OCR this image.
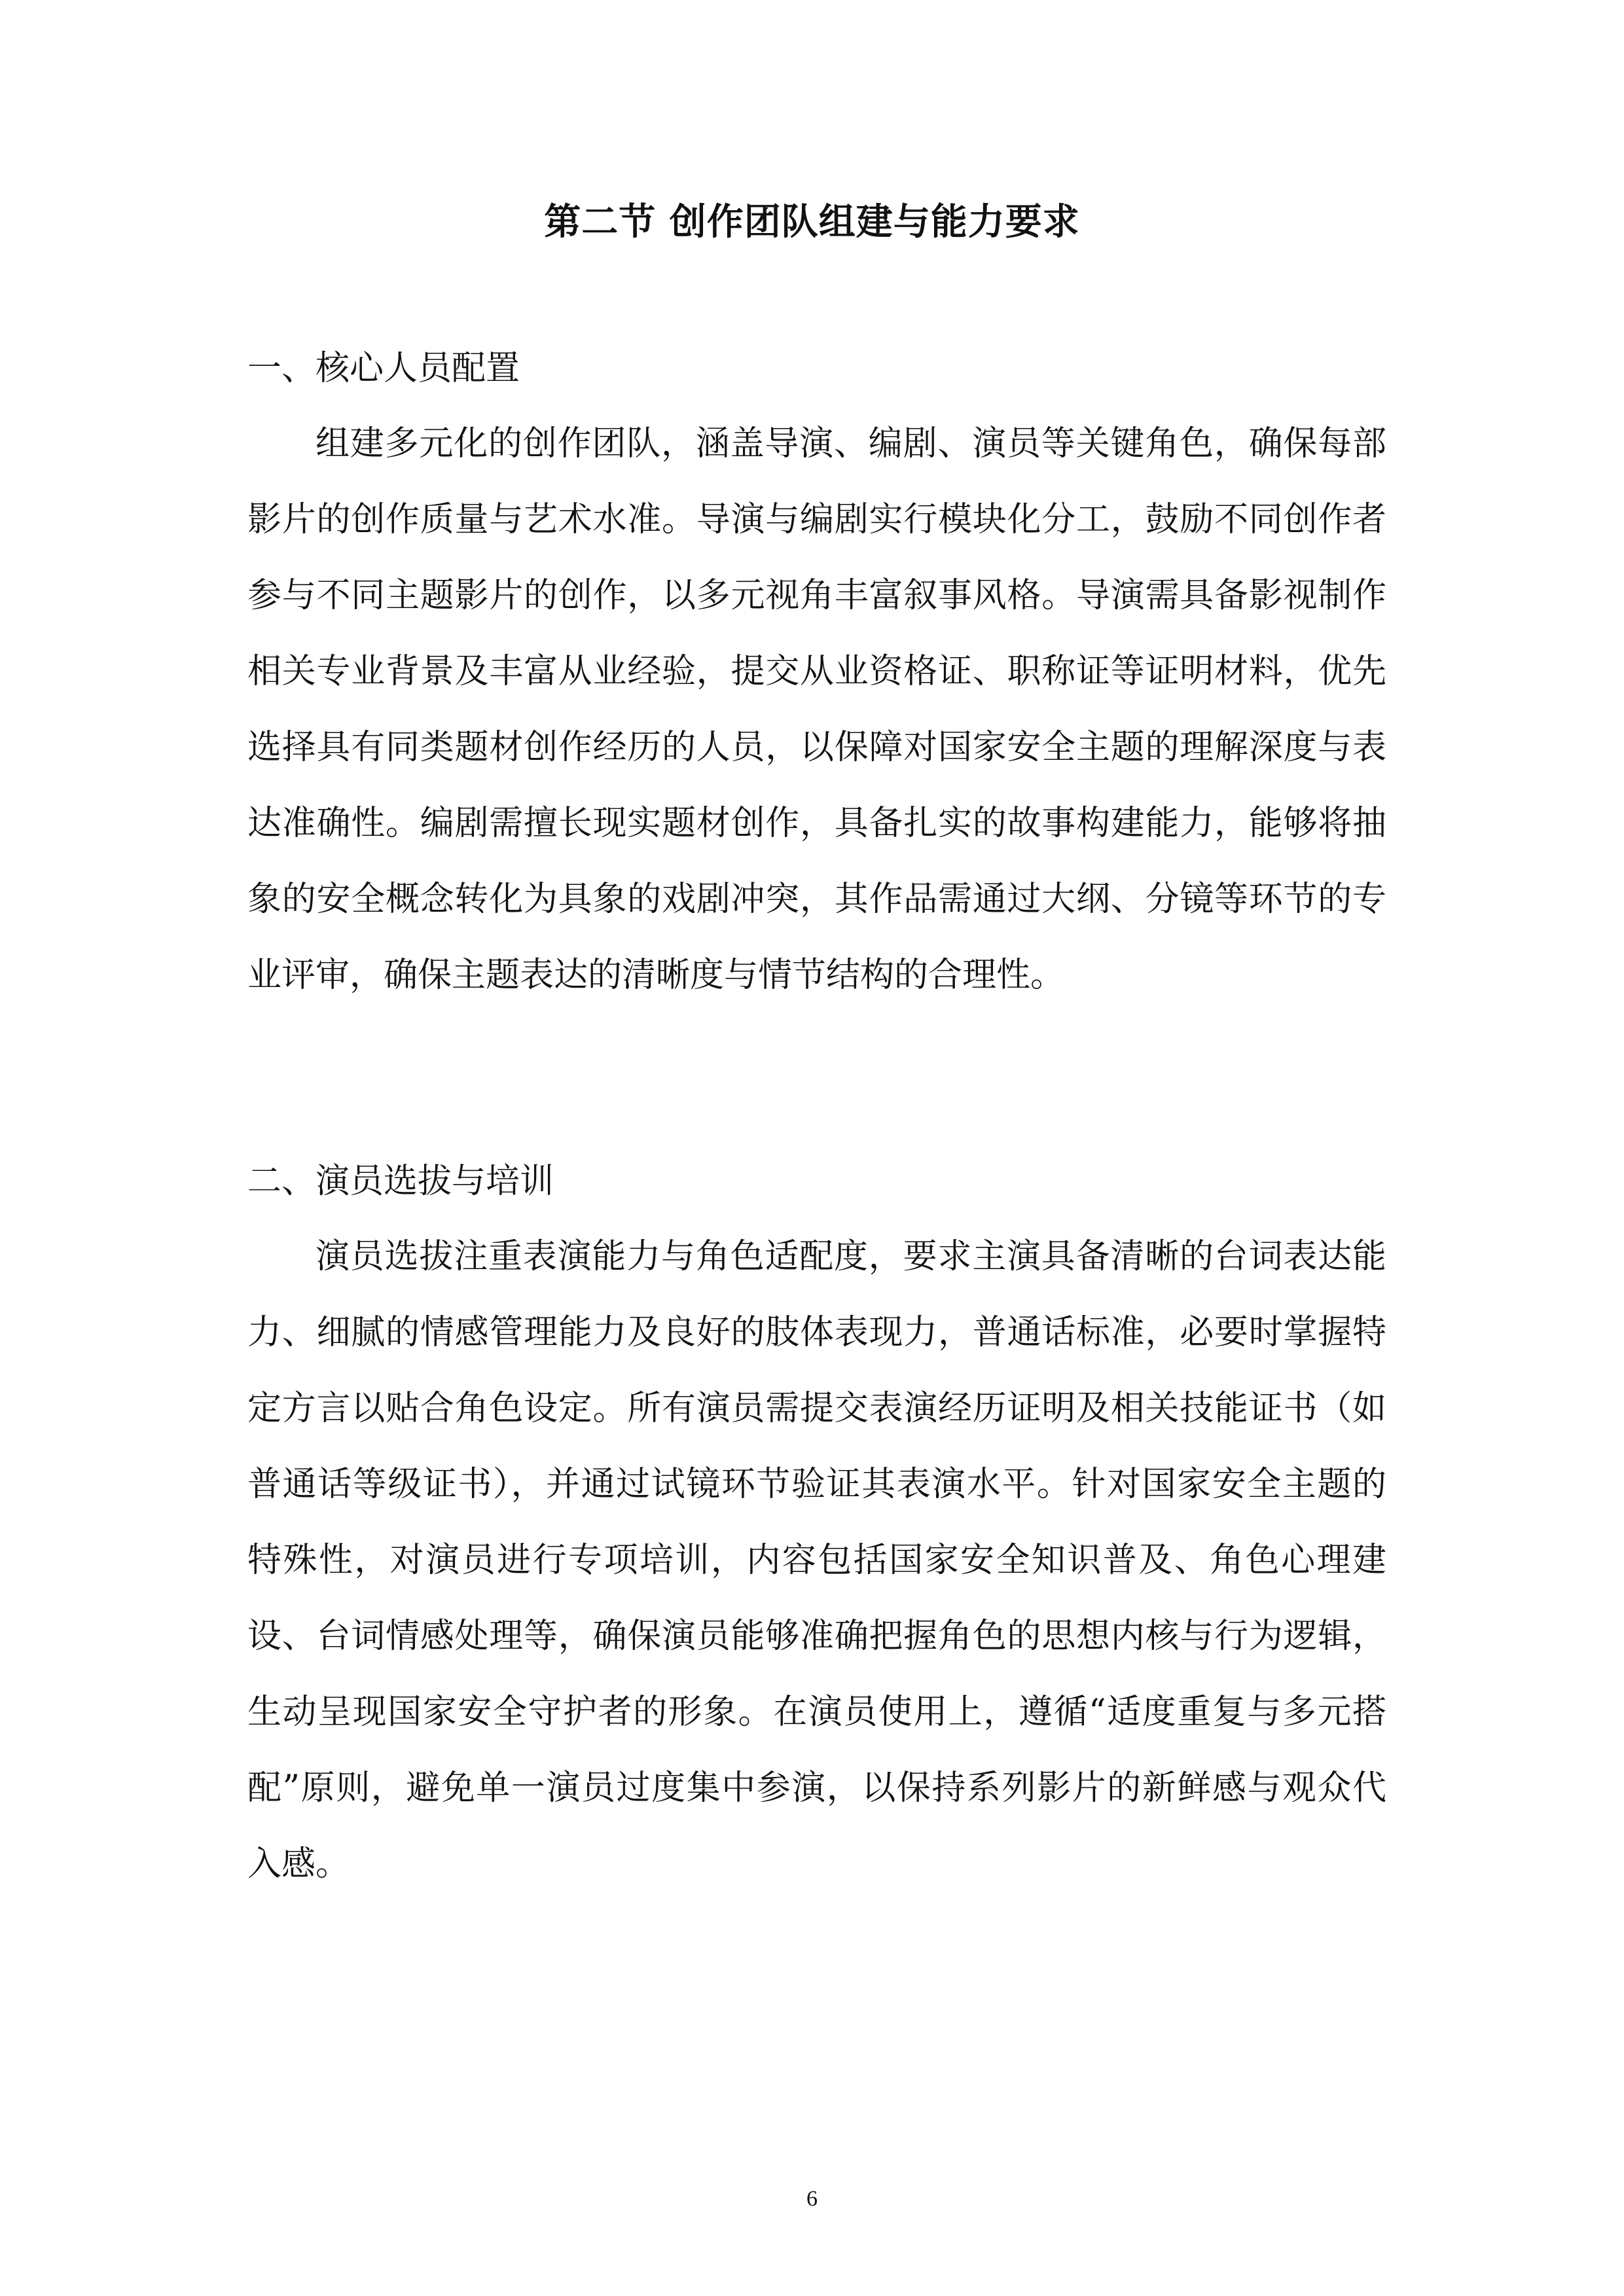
第二节 创作团队组建与能力要求
一、核心人员配置
组建多元化的创作团队，涵盖导演、编剧、演员等关键角色，确保每部影片的创作质量与艺术水准。导演与编剧实行模块化分工，鼓励不同创作者参与不同主题影片的创作，以多元视角丰富叙事风格。导演需具备影视制作相关专业背景及丰富从业经验，提交从业资格证、职称证等证明材料，优先选择具有同类题材创作经历的人员，以保障对国家安全主题的理解深度与表达准确性。编剧需擅长现实题材创作，具备扎实的故事构建能力，能够将抽象的安全概念转化为具象的戏剧冲突，其作品需通过大纲、分镜等环节的专业评审，确保主题表达的清晰度与情节结构的合理性。
二、演员选拔与培训
演员选拔注重表演能力与角色适配度，要求主演具备清晰的台词表达能力、细腻的情感管理能力及良好的肢体表现力，普通话标准，必要时掌握特定方言以贴合角色设定。所有演员需提交表演经历证明及相关技能证书（如普通话等级证书），并通过试镜环节验证其表演水平。针对国家安全主题的特殊性，对演员进行专项培训，内容包括国家安全知识普及、角色心理建设、台词情感处理等，确保演员能够准确把握角色的思想内核与行为逻辑，生动呈现国家安全守护者的形象。在演员使用上，遵循“适度重复与多元搭配”原则，避免单一演员过度集中参演，以保持系列影片的新鲜感与观众代入感。
6
